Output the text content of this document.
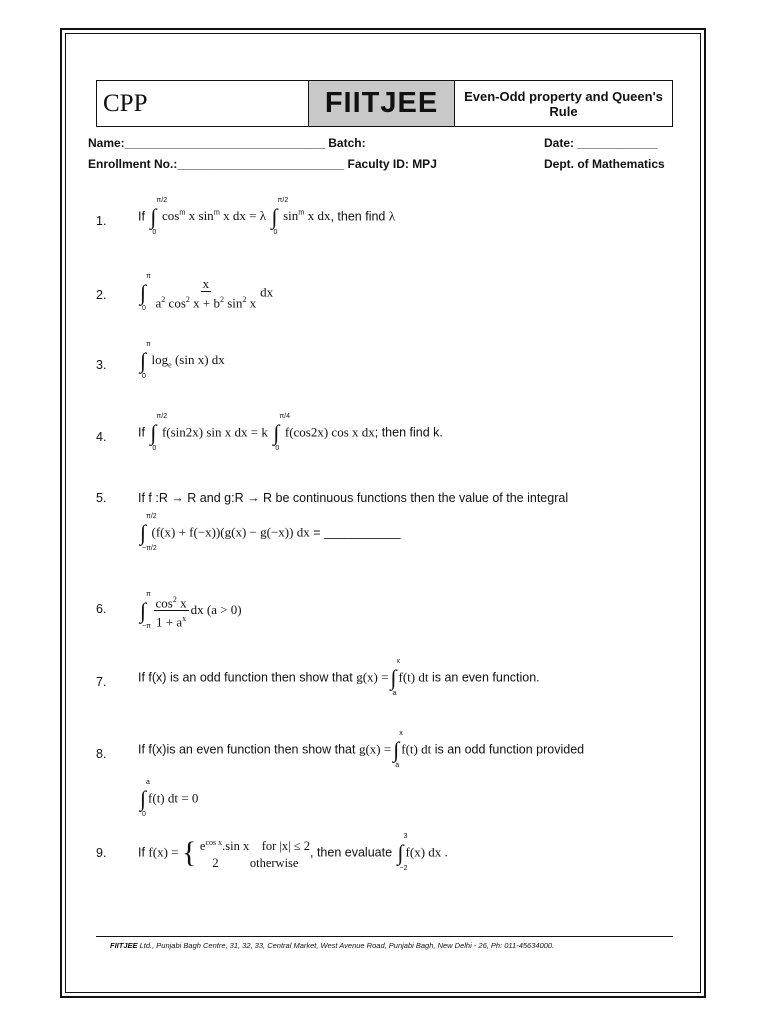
CPP	FIITJEE	Even-Odd property and Queen's Rule
Name:______________________________ Batch:	Date: ____________
Enrollment No.:_________________________ Faculty ID: MPJ	Dept. of Mathematics
1.	If ∫
π/2
0
$\cos^m x$ $\sin^m x$ dx = λ ∫
π/2
0
$\sin^m x$ dx, then find λ
2. ∫
π
0
$\frac{x}{a^2 \cos^2 x + b^2 \sin^2 x}$ dx
3. ∫
π
0
$\log_e (\sin$ x) dx
4.	If ∫
π/2
0
f(sin2x) sin x dx = k ∫
π/4
0
f(cos2x) cos x dx; then find k.
5.	If f :R → R and g:R → R be continuous functions then the value of the integral
∫
π/2
−π/2
(f(x) + f(−x))(g(x) − g(−x)) dx = ___________
6. ∫
π
−π
$\frac{\cos^2 x}{1 + a^x}$ dx (a > 0)
7.	If f(x) is an odd function then show that g(x) =∫
x
a
f(t) dt is an even function.
8.	If f(x)is an even function then show that g(x) =∫
x
a
f(t) dt is an odd function provided
∫
a
0
f(t) dt = 0
9.	If f(x) = { $e^{cos x}.\sin$ x    for |x| ≤ 2
2          otherwise, then evaluate ∫
3
−2
f(x) dx .
FIITJEE Ltd., Punjabi Bagh Centre, 31, 32, 33, Central Market, West Avenue Road, Punjabi Bagh, New Delhi - 26, Ph: 011-45634000.
